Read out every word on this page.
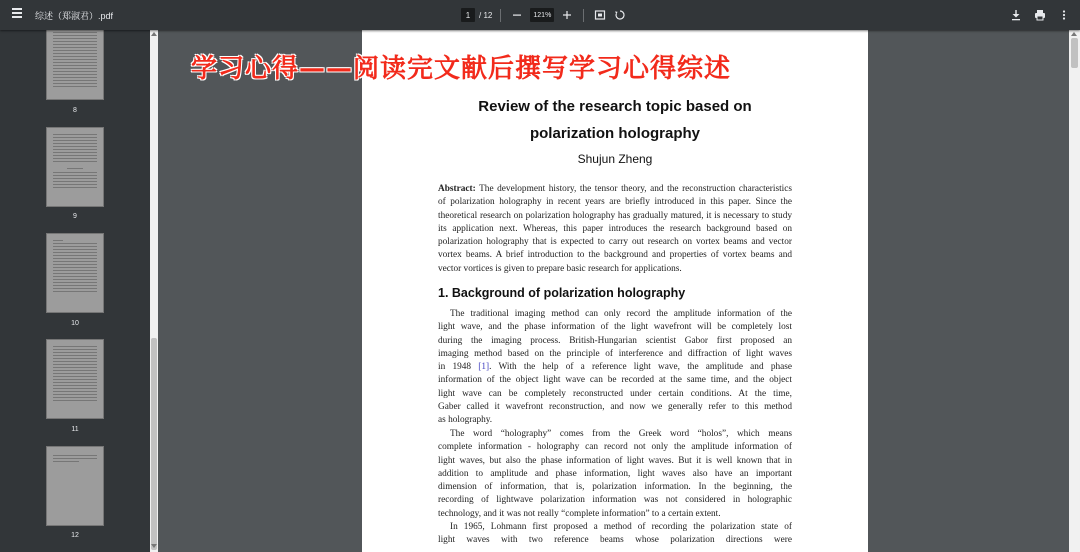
综述（郑淑君）.pdf	1	/ 12	121%
8
9
10
11
12
学习心得——阅读完文献后撰写学习心得综述
Review of the research topic based on
polarization holography
Shujun Zheng
Abstract: The development history, the tensor theory, and the reconstruction characteristics
of polarization holography in recent years are briefly introduced in this paper. Since the
theoretical research on polarization holography has gradually matured, it is necessary to study
its application next. Whereas, this paper introduces the research background based on
polarization holography that is expected to carry out research on vortex beams and vector
vortex beams. A brief introduction to the background and properties of vortex beams and
vector vortices is given to prepare basic research for applications.
1. Background of polarization holography
The traditional imaging method can only record the amplitude information of the
light wave, and the phase information of the light wavefront will be completely lost
during the imaging process. British-Hungarian scientist Gabor first proposed an
imaging method based on the principle of interference and diffraction of light waves
in 1948 [1]. With the help of a reference light wave, the amplitude and phase
information of the object light wave can be recorded at the same time, and the object
light wave can be completely reconstructed under certain conditions. At the time,
Gaber called it wavefront reconstruction, and now we generally refer to this method
as holography.
The word “holography” comes from the Greek word “holos”, which means
complete information - holography can record not only the amplitude information of
light waves, but also the phase information of light waves. But it is well known that in
addition to amplitude and phase information, light waves also have an important
dimension of information, that is, polarization information. In the beginning, the
recording of lightwave polarization information was not considered in holographic
technology, and it was not really “complete information” to a certain extent.
In 1965, Lohmann first proposed a method of recording the polarization state of
light waves with two reference beams whose polarization directions were
